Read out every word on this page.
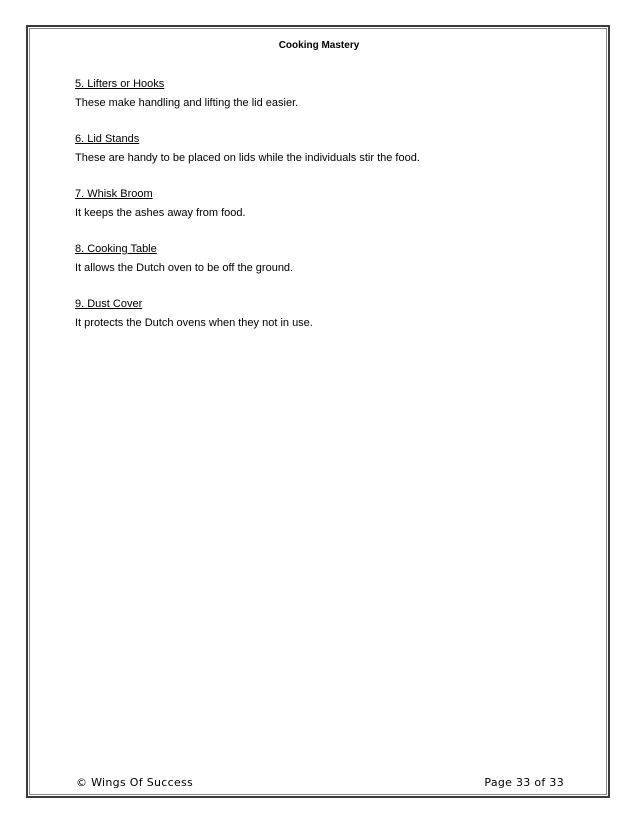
Cooking Mastery
5. Lifters or Hooks
These make handling and lifting the lid easier.
6. Lid Stands
These are handy to be placed on lids while the individuals stir the food.
7. Whisk Broom
It keeps the ashes away from food.
8. Cooking Table
It allows the Dutch oven to be off the ground.
9. Dust Cover
It protects the Dutch ovens when they not in use.
© Wings Of Success	Page 33 of 33
